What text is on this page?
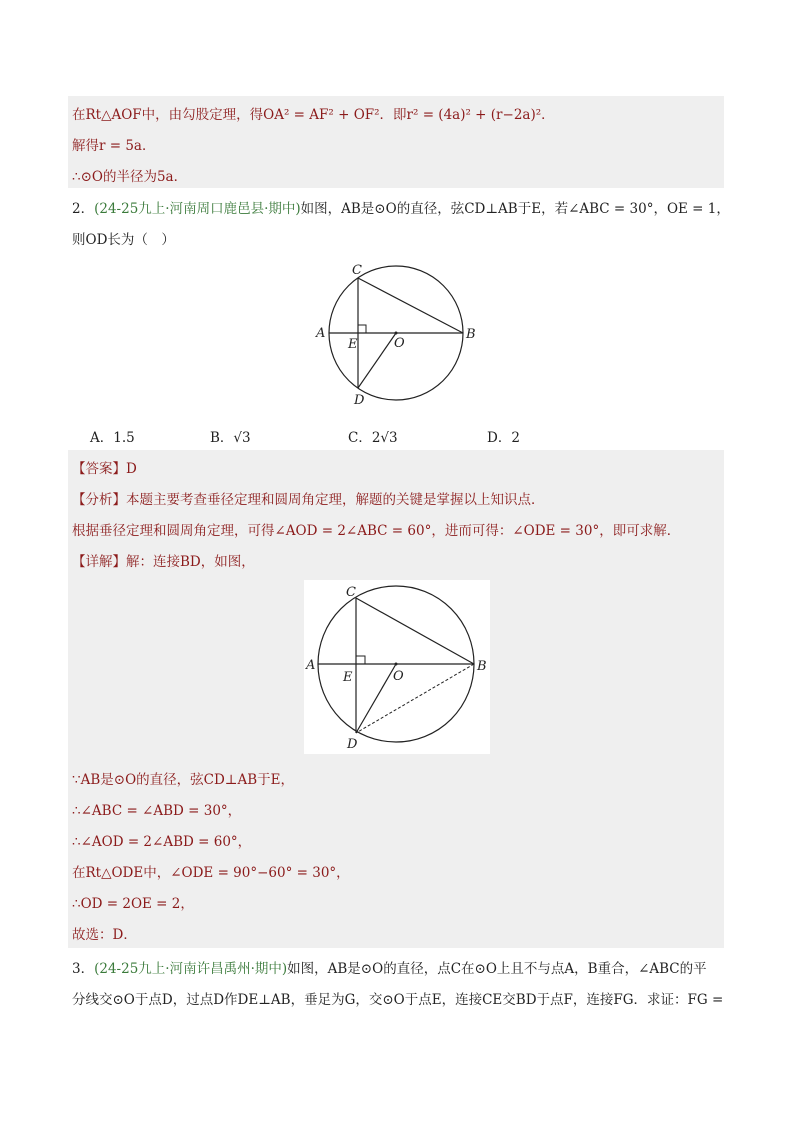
在Rt△AOF中，由勾股定理，得OA² = AF² + OF²．即r² = (4a)² + (r−2a)²．
解得r = 5a．
∴⊙O的半径为5a．
2．(24-25九上·河南周口鹿邑县·期中)如图，AB是⊙O的直径，弦CD⊥AB于E，若∠ABC = 30°，OE = 1，
则OD长为（　）
C
A	B
E	O
D
A．1.5	B．√3	C．2√3	D．2
【答案】D
【分析】本题主要考查垂径定理和圆周角定理，解题的关键是掌握以上知识点．
根据垂径定理和圆周角定理，可得∠AOD = 2∠ABC = 60°，进而可得：∠ODE = 30°，即可求解．
【详解】解：连接BD，如图，
C
A	B
E	O
D
∵AB是⊙O的直径，弦CD⊥AB于E，
∴∠ABC = ∠ABD = 30°，
∴∠AOD = 2∠ABD = 60°，
在Rt△ODE中，∠ODE = 90°−60° = 30°，
∴OD = 2OE = 2，
故选：D．
3．(24-25九上·河南许昌禹州·期中)如图，AB是⊙O的直径，点C在⊙O上且不与点A，B重合，∠ABC的平
分线交⊙O于点D，过点D作DE⊥AB，垂足为G，交⊙O于点E，连接CE交BD于点F，连接FG．求证：FG =
